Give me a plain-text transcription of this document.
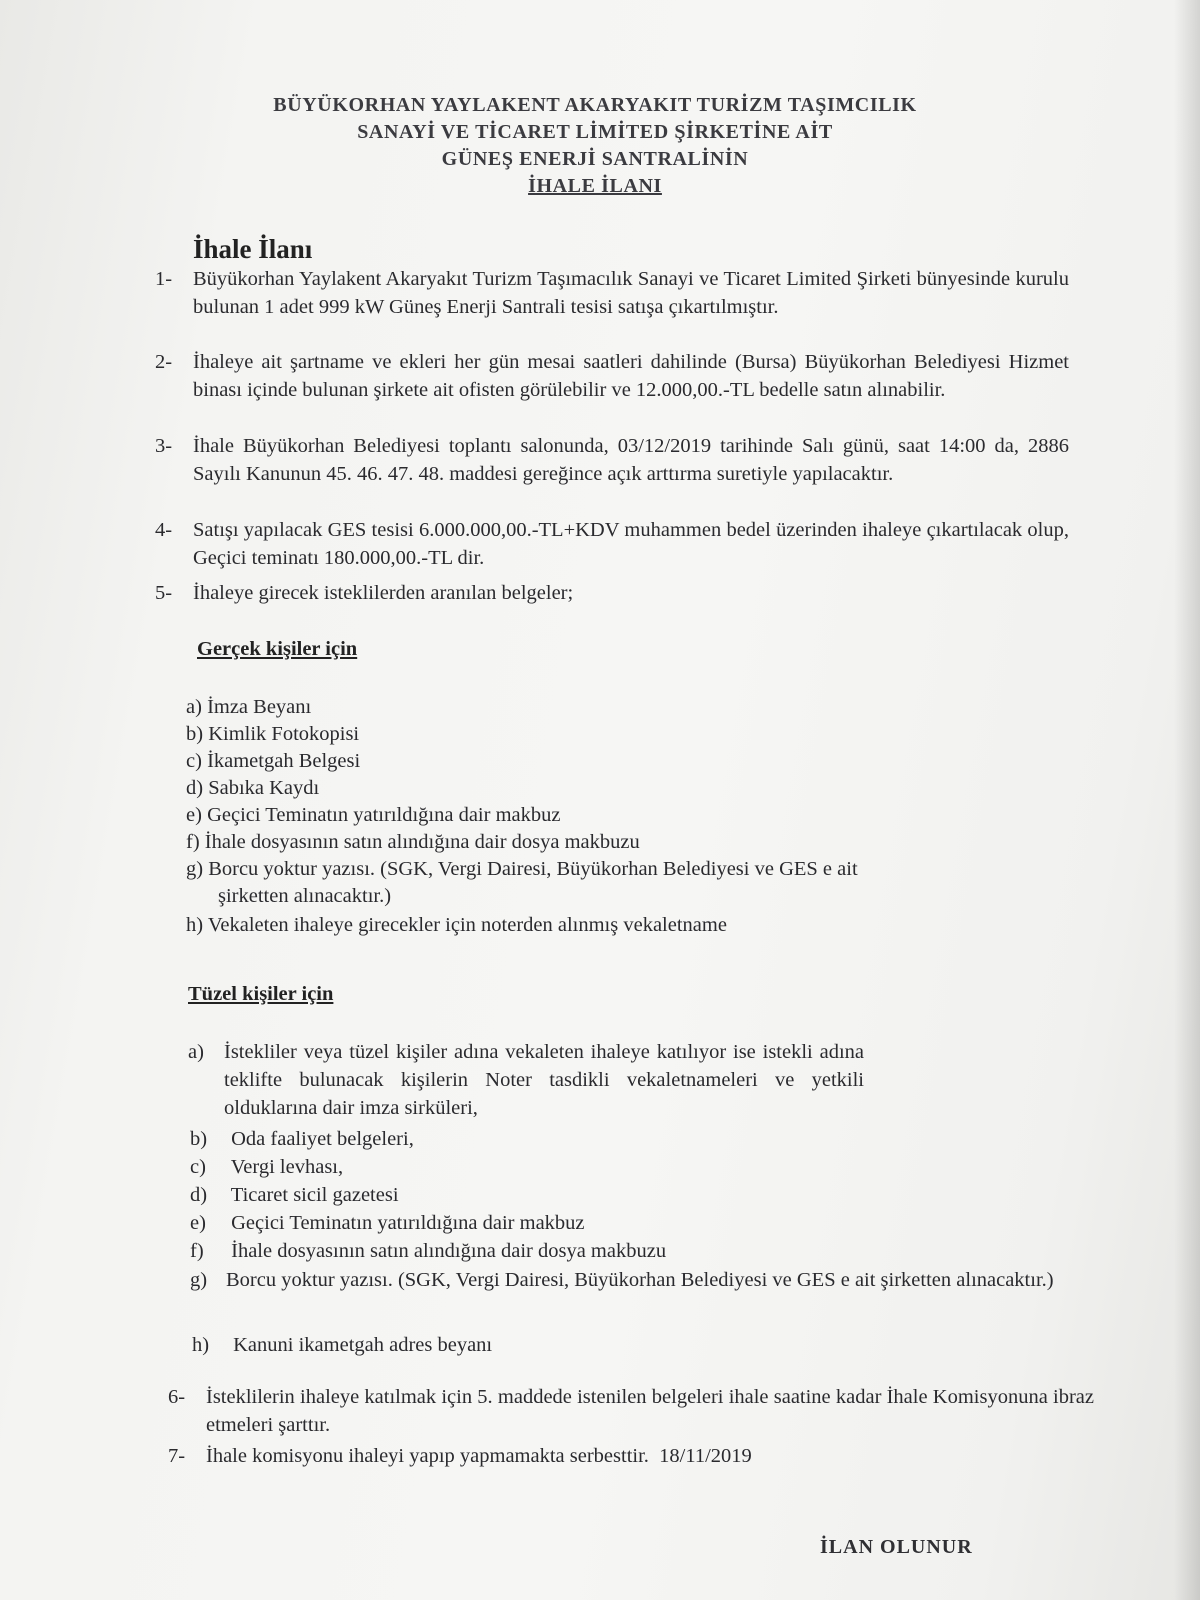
BÜYÜKORHAN YAYLAKENT AKARYAKIT TURİZM TAŞIMCILIK
SANAYİ VE TİCARET LİMİTED ŞİRKETİNE AİT
GÜNEŞ ENERJİ SANTRALİNİN
İHALE İLANI
İhale İlanı
1-	Büyükorhan Yaylakent Akaryakıt Turizm Taşımacılık Sanayi ve Ticaret Limited Şirketi bünyesinde kurulu bulunan 1 adet 999 kW Güneş Enerji Santrali tesisi satışa çıkartılmıştır.
2-	İhaleye ait şartname ve ekleri her gün mesai saatleri dahilinde (Bursa) Büyükorhan Belediyesi Hizmet binası içinde bulunan şirkete ait ofisten görülebilir ve 12.000,00.-TL bedelle satın alınabilir.
3-	İhale Büyükorhan Belediyesi toplantı salonunda, 03/12/2019 tarihinde Salı günü, saat 14:00 da, 2886 Sayılı Kanunun 45. 46. 47. 48. maddesi gereğince açık arttırma suretiyle yapılacaktır.
4-	Satışı yapılacak GES tesisi 6.000.000,00.-TL+KDV muhammen bedel üzerinden ihaleye çıkartılacak olup, Geçici teminatı 180.000,00.-TL dir.
5-	İhaleye girecek isteklilerden aranılan belgeler;
Gerçek kişiler için
a) İmza Beyanı
b) Kimlik Fotokopisi
c) İkametgah Belgesi
d) Sabıka Kaydı
e) Geçici Teminatın yatırıldığına dair makbuz
f) İhale dosyasının satın alındığına dair dosya makbuzu
g) Borcu yoktur yazısı. (SGK, Vergi Dairesi, Büyükorhan Belediyesi ve GES e ait
şirketten alınacaktır.)
h) Vekaleten ihaleye girecekler için noterden alınmış vekaletname
Tüzel kişiler için
a) İstekliler veya tüzel kişiler adına vekaleten ihaleye katılıyor ise istekli adına teklifte bulunacak kişilerin Noter tasdikli vekaletnameleri ve yetkili olduklarına dair imza sirküleri,
b) Oda faaliyet belgeleri,
c) Vergi levhası,
d) Ticaret sicil gazetesi
e) Geçici Teminatın yatırıldığına dair makbuz
f) İhale dosyasının satın alındığına dair dosya makbuzu
g) Borcu yoktur yazısı. (SGK, Vergi Dairesi, Büyükorhan Belediyesi ve GES e ait şirketten alınacaktır.)
h) Kanuni ikametgah adres beyanı
6-	İsteklilerin ihaleye katılmak için 5. maddede istenilen belgeleri ihale saatine kadar İhale Komisyonuna ibraz etmeleri şarttır.
7-	İhale komisyonu ihaleyi yapıp yapmamakta serbesttir.  18/11/2019
İLAN OLUNUR
